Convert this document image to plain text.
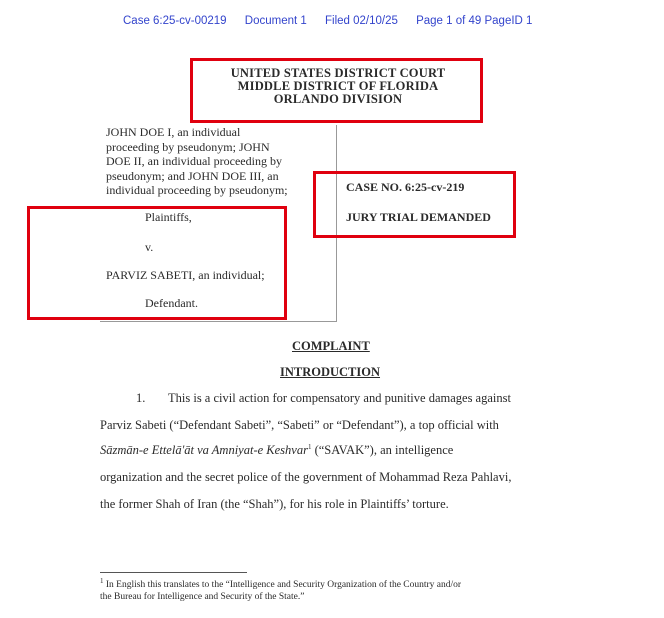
Case 6:25-cv-00219 Document 1 Filed 02/10/25 Page 1 of 49 PageID 1
UNITED STATES DISTRICT COURT
MIDDLE DISTRICT OF FLORIDA
ORLANDO DIVISION
JOHN DOE I, an individual
proceeding by pseudonym; JOHN
DOE II, an individual proceeding by
pseudonym; and JOHN DOE III, an
individual proceeding by pseudonym;
Plaintiffs,
v.
PARVIZ SABETI, an individual;
Defendant.
CASE NO. 6:25-cv-219
JURY TRIAL DEMANDED
COMPLAINT
INTRODUCTION
1. This is a civil action for compensatory and punitive damages against
Parviz Sabeti (“Defendant Sabeti”, “Sabeti” or “Defendant”), a top official with
Sāzmān-e Ettelā'āt va Amniyat-e Keshvar$^1$ (“SAVAK”), an intelligence
organization and the secret police of the government of Mohammad Reza Pahlavi,
the former Shah of Iran (the “Shah”), for his role in Plaintiffs’ torture.
$^1$ In English this translates to the “Intelligence and Security Organization of the Country and/or
the Bureau for Intelligence and Security of the State.”
